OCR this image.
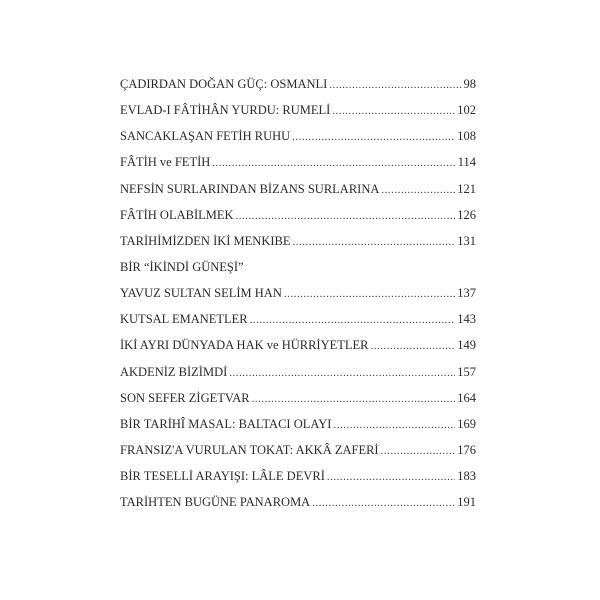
ÇADIRDAN DOĞAN GÜÇ: OSMANLI .....	98
EVLAD-I FÂTİHÂN YURDU: RUMELİ .....	102
SANCAKLAŞAN FETİH RUHU .....	108
FÂTİH ve FETİH .....	114
NEFSİN SURLARINDAN BİZANS SURLARINA .....	121
FÂTİH OLABİLMEK .....	126
TARİHİMİZDEN İKİ MENKIBE .....	131
BİR “İKİNDİ GÜNEŞİ”
YAVUZ SULTAN SELİM HAN .....	137
KUTSAL EMANETLER .....	143
İKİ AYRI DÜNYADA HAK ve HÜRRİYETLER .....	149
AKDENİZ BİZİMDİ .....	157
SON SEFER ZİGETVAR .....	164
BİR TARİHÎ MASAL: BALTACI OLAYI .....	169
FRANSIZ'A VURULAN TOKAT: AKKÂ ZAFERİ .....	176
BİR TESELLİ ARAYIŞI: LÂLE DEVRİ .....	183
TARİHTEN BUGÜNE PANAROMA .....	191
